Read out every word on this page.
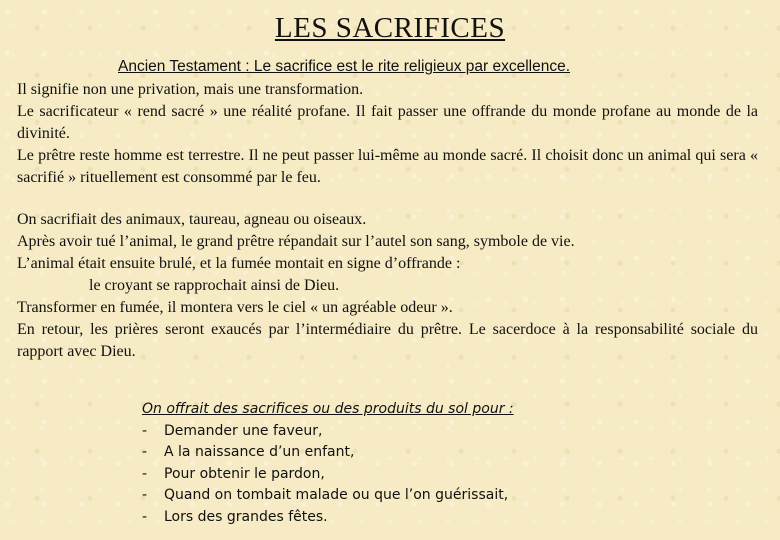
LES SACRIFICES
Ancien Testament : Le sacrifice est le rite religieux par excellence.

Il signifie non une privation, mais une transformation.

Le sacrificateur « rend sacré » une réalité profane. Il fait passer une offrande du monde profane au monde de la divinité.

Le prêtre reste homme est terrestre. Il ne peut passer lui-même au monde sacré. Il choisit donc un animal qui sera « sacrifié » rituellement est consommé par le feu.

On sacrifiait des animaux, taureau, agneau ou oiseaux.

Après avoir tué l’animal, le grand prêtre répandait sur l’autel son sang, symbole de vie.

L’animal était ensuite brulé, et la fumée montait en signe d’offrande :

le croyant se rapprochait ainsi de Dieu.

Transformer en fumée, il montera vers le ciel « un agréable odeur ».

En retour, les prières seront exaucés par l’intermédiaire du prêtre. Le sacerdoce à la responsabilité sociale du rapport avec Dieu.

On offrait des sacrifices ou des produits du sol pour :
-	Demander une faveur,
-	A la naissance d’un enfant,
-	Pour obtenir le pardon,
-	Quand on tombait malade ou que l’on guérissait,
-	Lors des grandes fêtes.
